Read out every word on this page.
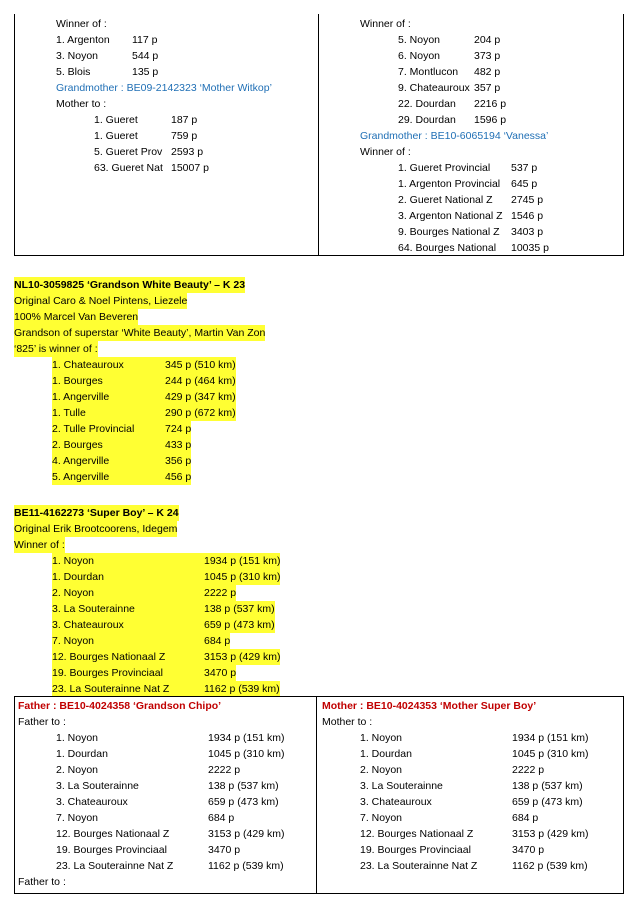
Winner of :
1. Argenton 117 p
3. Noyon	544 p
5. Blois	135 p
Grandmother : BE09-2142323 ‘Mother Witkop’
Mother to :
1. Gueret	187 p
1. Gueret	759 p
5. Gueret Prov 2593 p
63. Gueret Nat 15007 p
Winner of :
5. Noyon	204 p
6. Noyon	373 p
7. Montlucon 482 p
9. Chateauroux 357 p
22. Dourdan 2216 p
29. Dourdan 1596 p
Grandmother : BE10-6065194 ‘Vanessa’
Winner of :
1. Gueret Provincial 537 p
1. Argenton Provincial 645 p
2. Gueret National Z 2745 p
3. Argenton National Z 1546 p
9. Bourges National Z 3403 p
64. Bourges National 10035 p
NL10-3059825 ‘Grandson White Beauty’ – K 23
Original Caro & Noel Pintens, Liezele
100% Marcel Van Beveren
Grandson of superstar ‘White Beauty’, Martin Van Zon
‘825’ is winner of :
1. Chateauroux	345 p (510 km)
1. Bourges	244 p (464 km)
1. Angerville	429 p (347 km)
1. Tulle	290 p (672 km)
2. Tulle Provincial	724 p
2. Bourges	433 p
4. Angerville	356 p
5. Angerville	456 p
BE11-4162273 ‘Super Boy’ – K 24
Original Erik Brootcoorens, Idegem
Winner of :
1. Noyon	1934 p (151 km)
1. Dourdan	1045 p (310 km)
2. Noyon	2222 p
3. La Souterainne	138 p (537 km)
3. Chateauroux	659 p (473 km)
7. Noyon	684 p
12. Bourges Nationaal Z	3153 p (429 km)
19. Bourges Provinciaal	3470 p
23. La Souterainne Nat Z	1162 p (539 km)
Father : BE10-4024358 ‘Grandson Chipo’
Father to :
1. Noyon	1934 p (151 km)
1. Dourdan	1045 p (310 km)
2. Noyon	2222 p
3. La Souterainne	138 p (537 km)
3. Chateauroux	659 p (473 km)
7. Noyon	684 p
12. Bourges Nationaal Z	3153 p (429 km)
19. Bourges Provinciaal	3470 p
23. La Souterainne Nat Z	1162 p (539 km)
Father to :
Mother : BE10-4024353 ‘Mother Super Boy’
Mother to :
1. Noyon	1934 p (151 km)
1. Dourdan	1045 p (310 km)
2. Noyon	2222 p
3. La Souterainne	138 p (537 km)
3. Chateauroux	659 p (473 km)
7. Noyon	684 p
12. Bourges Nationaal Z	3153 p (429 km)
19. Bourges Provinciaal	3470 p
23. La Souterainne Nat Z	1162 p (539 km)
